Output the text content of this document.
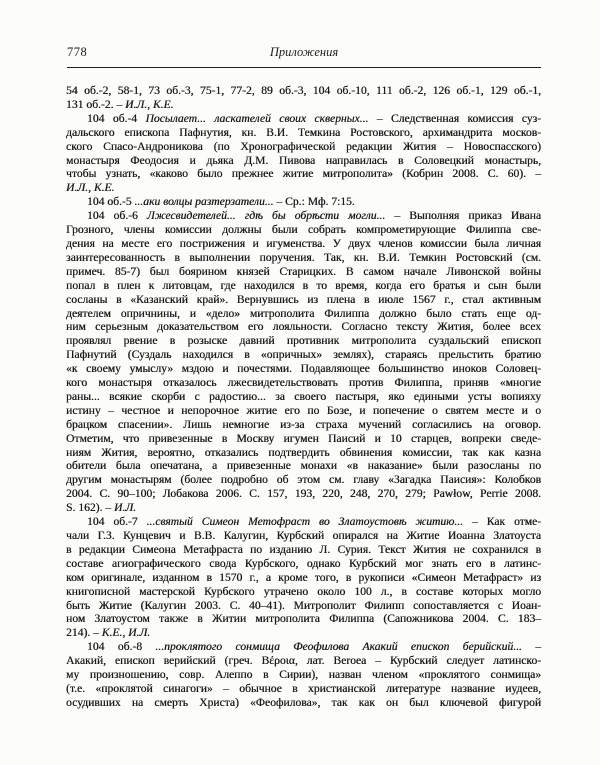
778	Приложения
54 об.-2, 58-1, 73 об.-3, 75-1, 77-2, 89 об.-3, 104 об.-10, 111 об.-2, 126 об.-1, 129 об.-1,
131 об.-2. – И.Л., К.Е.
104 об.-4 Посылает... ласкателей своих скверных... – Следственная комиссия суз-
дальского епископа Пафнутия, кн. В.И. Темкина Ростовского, архимандрита москов-
ского Спасо-Андроникова (по Хронографической редакции Жития – Новоспасского)
монастыря Феодосия и дьяка Д.М. Пивова направилась в Соловецкий монастырь,
чтобы узнать, «каково было прежнее житие митрополита» (Кобрин 2008. С. 60). –
И.Л., К.Е.
104 об.-5 ...аки волцы разтерзатели... – Ср.: Мф. 7:15.
104 об.-6 Лжесвидетелей... гдѣ бы обрѣсти могли... – Выполняя приказ Ивана
Грозного, члены комиссии должны были собрать компрометирующие Филиппа све-
дения на месте его пострижения и игуменства. У двух членов комиссии была личная
заинтересованность в выполнении поручения. Так, кн. В.И. Темкин Ростовский (см.
примеч. 85-7) был боярином князей Старицких. В самом начале Ливонской войны
попал в плен к литовцам, где находился в то время, когда его братья и сын были
сосланы в «Казанский край». Вернувшись из плена в июле 1567 г., стал активным
деятелем опричнины, и «дело» митрополита Филиппа должно было стать еще од-
ним серьезным доказательством его лояльности. Согласно тексту Жития, более всех
проявлял рвение в розыске давний противник митрополита суздальский епископ
Пафнутий (Суздаль находился в «опричных» землях), стараясь прельстить братию
«к своему умыслу» мздою и почестями. Подавляющее большинство иноков Соловец-
кого монастыря отказалось лжесвидетельствовать против Филиппа, приняв «многие
раны... всякие скорби с радостию... за своего пастыря, яко едиными усты вопияху
истину – честное и непорочное житие его по Бозе, и попечение о святем месте и о
брацком спасении». Лишь немногие из-за страха мучений согласились на оговор.
Отметим, что привезенные в Москву игумен Паисий и 10 старцев, вопреки сведе-
ниям Жития, вероятно, отказались подтвердить обвинения комиссии, так как казна
обители была опечатана, а привезенные монахи «в наказание» были разосланы по
другим монастырям (более подробно об этом см. главу «Загадка Паисия»: Колобков
2004. С. 90–100; Лобакова 2006. С. 157, 193, 220, 248, 270, 279; Pawłow, Perrie 2008.
S. 162). – И.Л.
104 об.-7 ...святый Симеон Метофраст во Златоустовѣ житию... – Как отме-
чали Г.З. Кунцевич и В.В. Калугин, Курбский опирался на Житие Иоанна Златоуста
в редакции Симеона Метафраста по изданию Л. Сурия. Текст Жития не сохранился в
составе агиографического свода Курбского, однако Курбский мог знать его в латинс-
ком оригинале, изданном в 1570 г., а кроме того, в рукописи «Симеон Метафраст» из
книгописной мастерской Курбского утрачено около 100 л., в составе которых могло
быть Житие (Калугин 2003. С. 40–41). Митрополит Филипп сопоставляется с Иоан-
ном Златоустом также в Житии митрополита Филиппа (Сапожникова 2004. С. 183–
214). – К.Е., И.Л.
104 об.-8 ...проклятого сонмища Феофилова Акакий епископ берийский... –
Акакий, епископ верийский (греч. Βέροια, лат. Beroea – Курбский следует латинско-
му произношению, совр. Алеппо в Сирии), назван членом «проклятого сонмища»
(т.е. «проклятой синагоги» – обычное в христианской литературе название иудеев,
осудивших на смерть Христа) «Феофилова», так как он был ключевой фигурой
